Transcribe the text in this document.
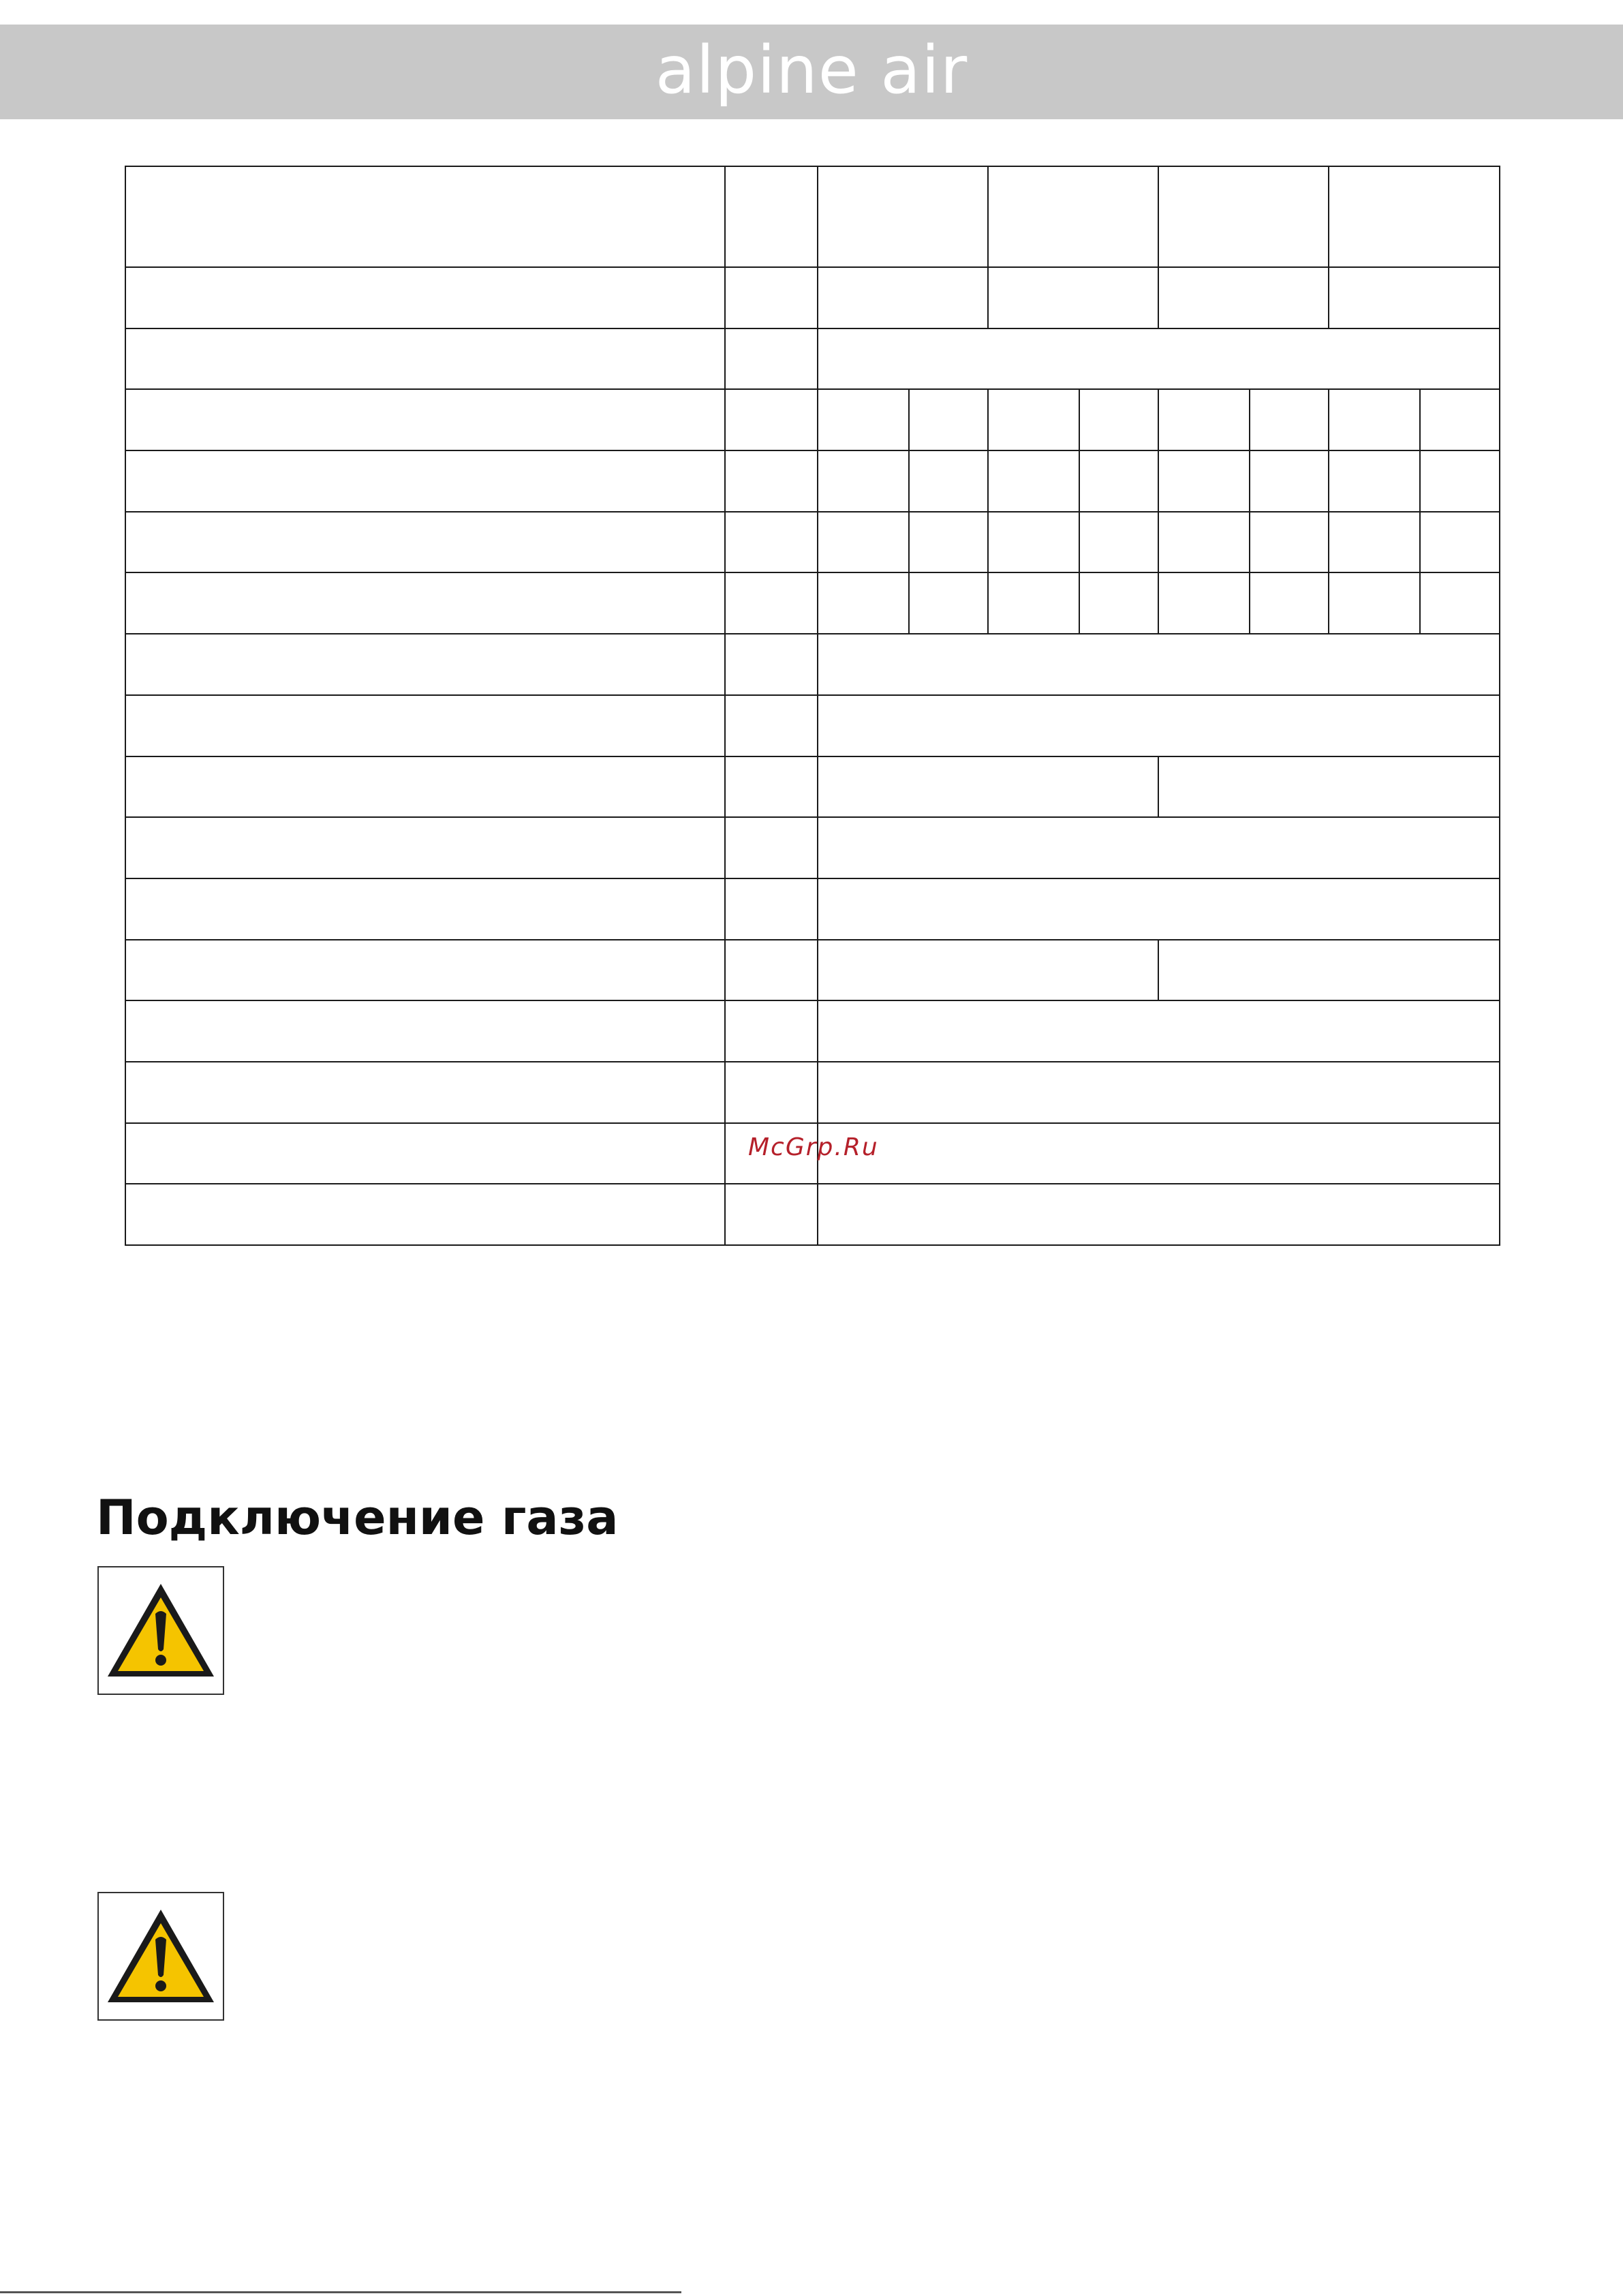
alpine air

McGrp.Ru
Подключение газа
